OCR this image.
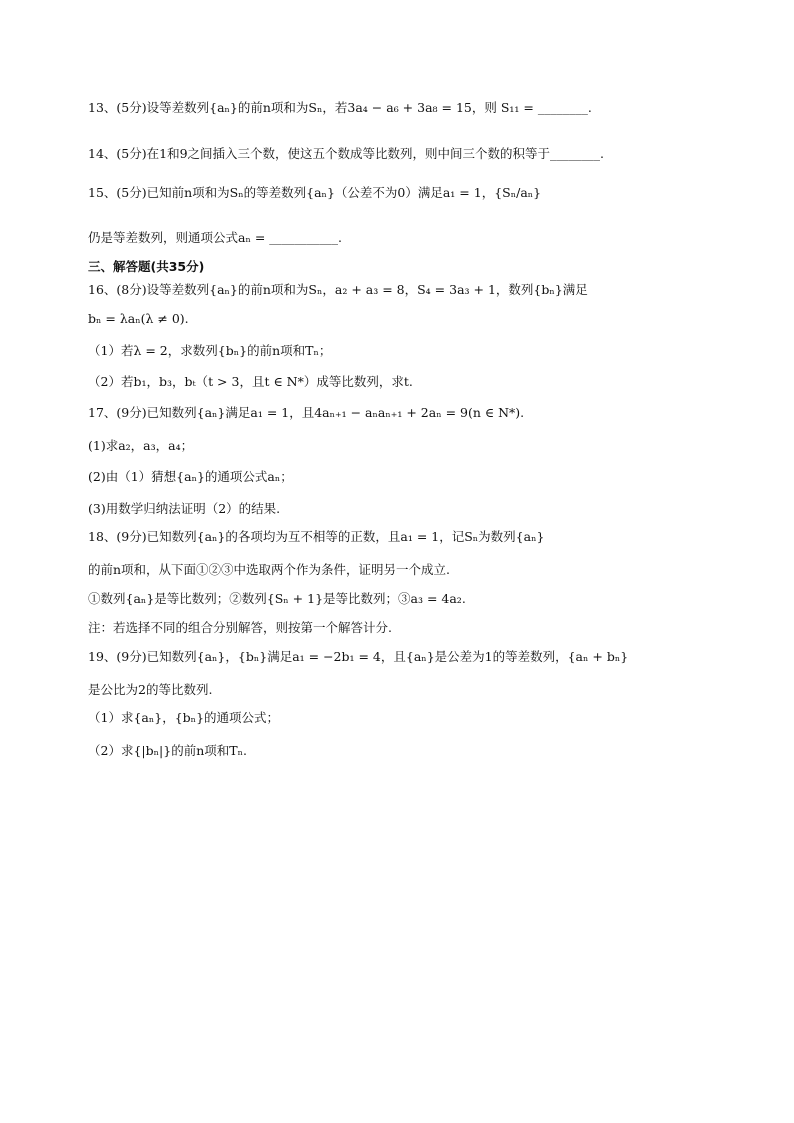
13、(5分)设等差数列{aₙ}的前n项和为Sₙ，若3a₄ − a₆ + 3a₈ = 15，则 S₁₁ = ________.
14、(5分)在1和9之间插入三个数，使这五个数成等比数列，则中间三个数的积等于________.
15、(5分)已知前n项和为Sₙ的等差数列{aₙ}（公差不为0）满足a₁ = 1，{Sₙ/aₙ}
仍是等差数列，则通项公式aₙ = ___________.
三、解答题(共35分)
16、(8分)设等差数列{aₙ}的前n项和为Sₙ，a₂ + a₃ = 8，S₄ = 3a₃ + 1，数列{bₙ}满足
bₙ = λaₙ(λ ≠ 0).
（1）若λ = 2，求数列{bₙ}的前n项和Tₙ；
（2）若b₁，b₃，bₜ（t > 3，且t ∈ N*）成等比数列，求t.
17、(9分)已知数列{aₙ}满足a₁ = 1，且4aₙ₊₁ − aₙaₙ₊₁ + 2aₙ = 9(n ∈ N*).
(1)求a₂，a₃，a₄；
(2)由（1）猜想{aₙ}的通项公式aₙ；
(3)用数学归纳法证明（2）的结果.
18、(9分)已知数列{aₙ}的各项均为互不相等的正数，且a₁ = 1，记Sₙ为数列{aₙ}
的前n项和，从下面①②③中选取两个作为条件，证明另一个成立.
①数列{aₙ}是等比数列；②数列{Sₙ + 1}是等比数列；③a₃ = 4a₂.
注：若选择不同的组合分别解答，则按第一个解答计分.
19、(9分)已知数列{aₙ}，{bₙ}满足a₁ = −2b₁ = 4，且{aₙ}是公差为1的等差数列，{aₙ + bₙ}
是公比为2的等比数列.
（1）求{aₙ}，{bₙ}的通项公式；
（2）求{|bₙ|}的前n项和Tₙ.
